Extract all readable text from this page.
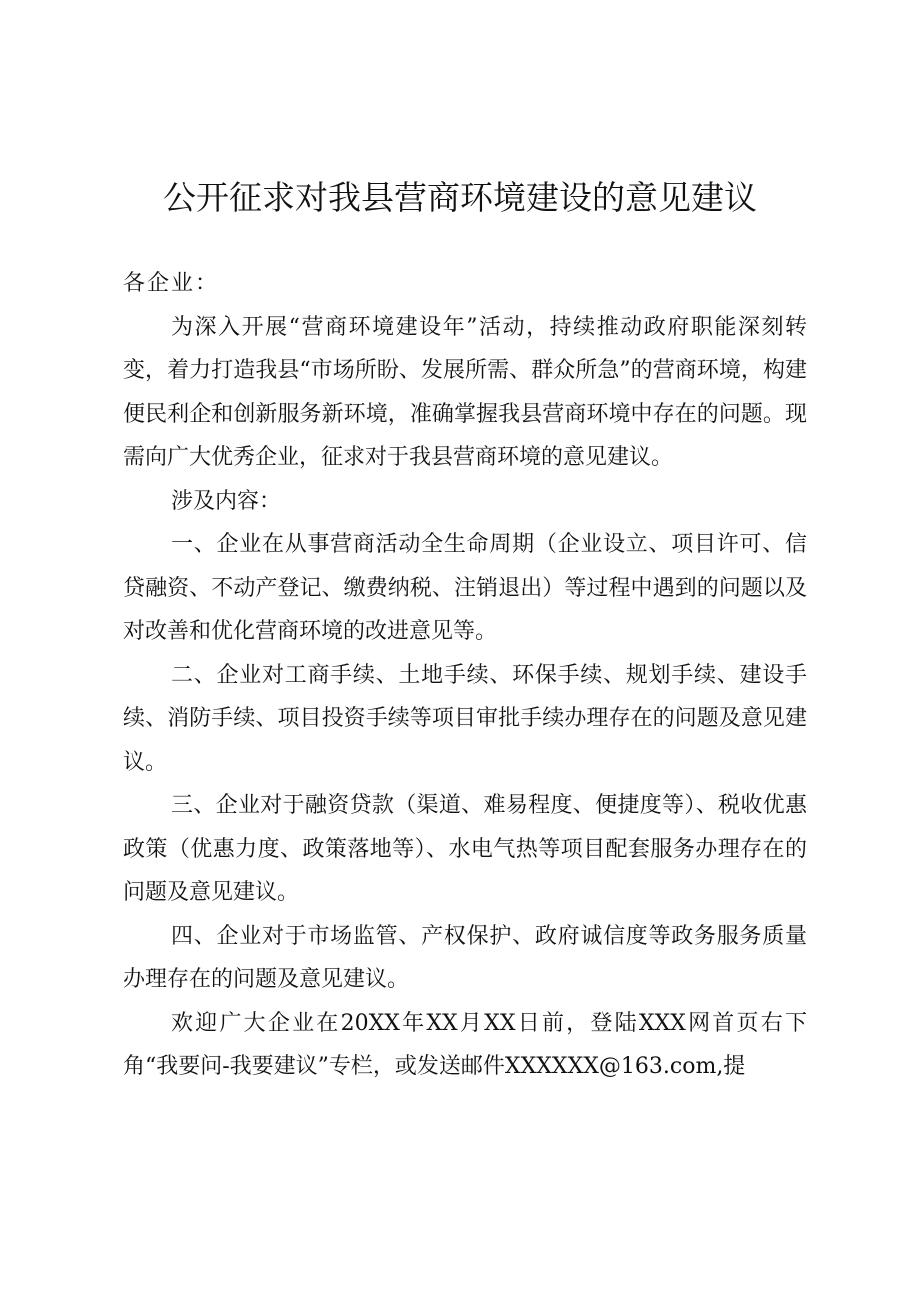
公开征求对我县营商环境建设的意见建议

各企业：

为深入开展“营商环境建设年”活动，持续推动政府职能深刻转变，着力打造我县“市场所盼、发展所需、群众所急”的营商环境，构建便民利企和创新服务新环境，准确掌握我县营商环境中存在的问题。现需向广大优秀企业，征求对于我县营商环境的意见建议。

涉及内容：

一、企业在从事营商活动全生命周期（企业设立、项目许可、信贷融资、不动产登记、缴费纳税、注销退出）等过程中遇到的问题以及对改善和优化营商环境的改进意见等。

二、企业对工商手续、土地手续、环保手续、规划手续、建设手续、消防手续、项目投资手续等项目审批手续办理存在的问题及意见建议。

三、企业对于融资贷款（渠道、难易程度、便捷度等）、税收优惠政策（优惠力度、政策落地等）、水电气热等项目配套服务办理存在的问题及意见建议。

四、企业对于市场监管、产权保护、政府诚信度等政务服务质量办理存在的问题及意见建议。

欢迎广大企业在20XX年XX月XX日前，登陆XXX网首页右下角“我要问-我要建议”专栏，或发送邮件XXXXXX@163.com,提
